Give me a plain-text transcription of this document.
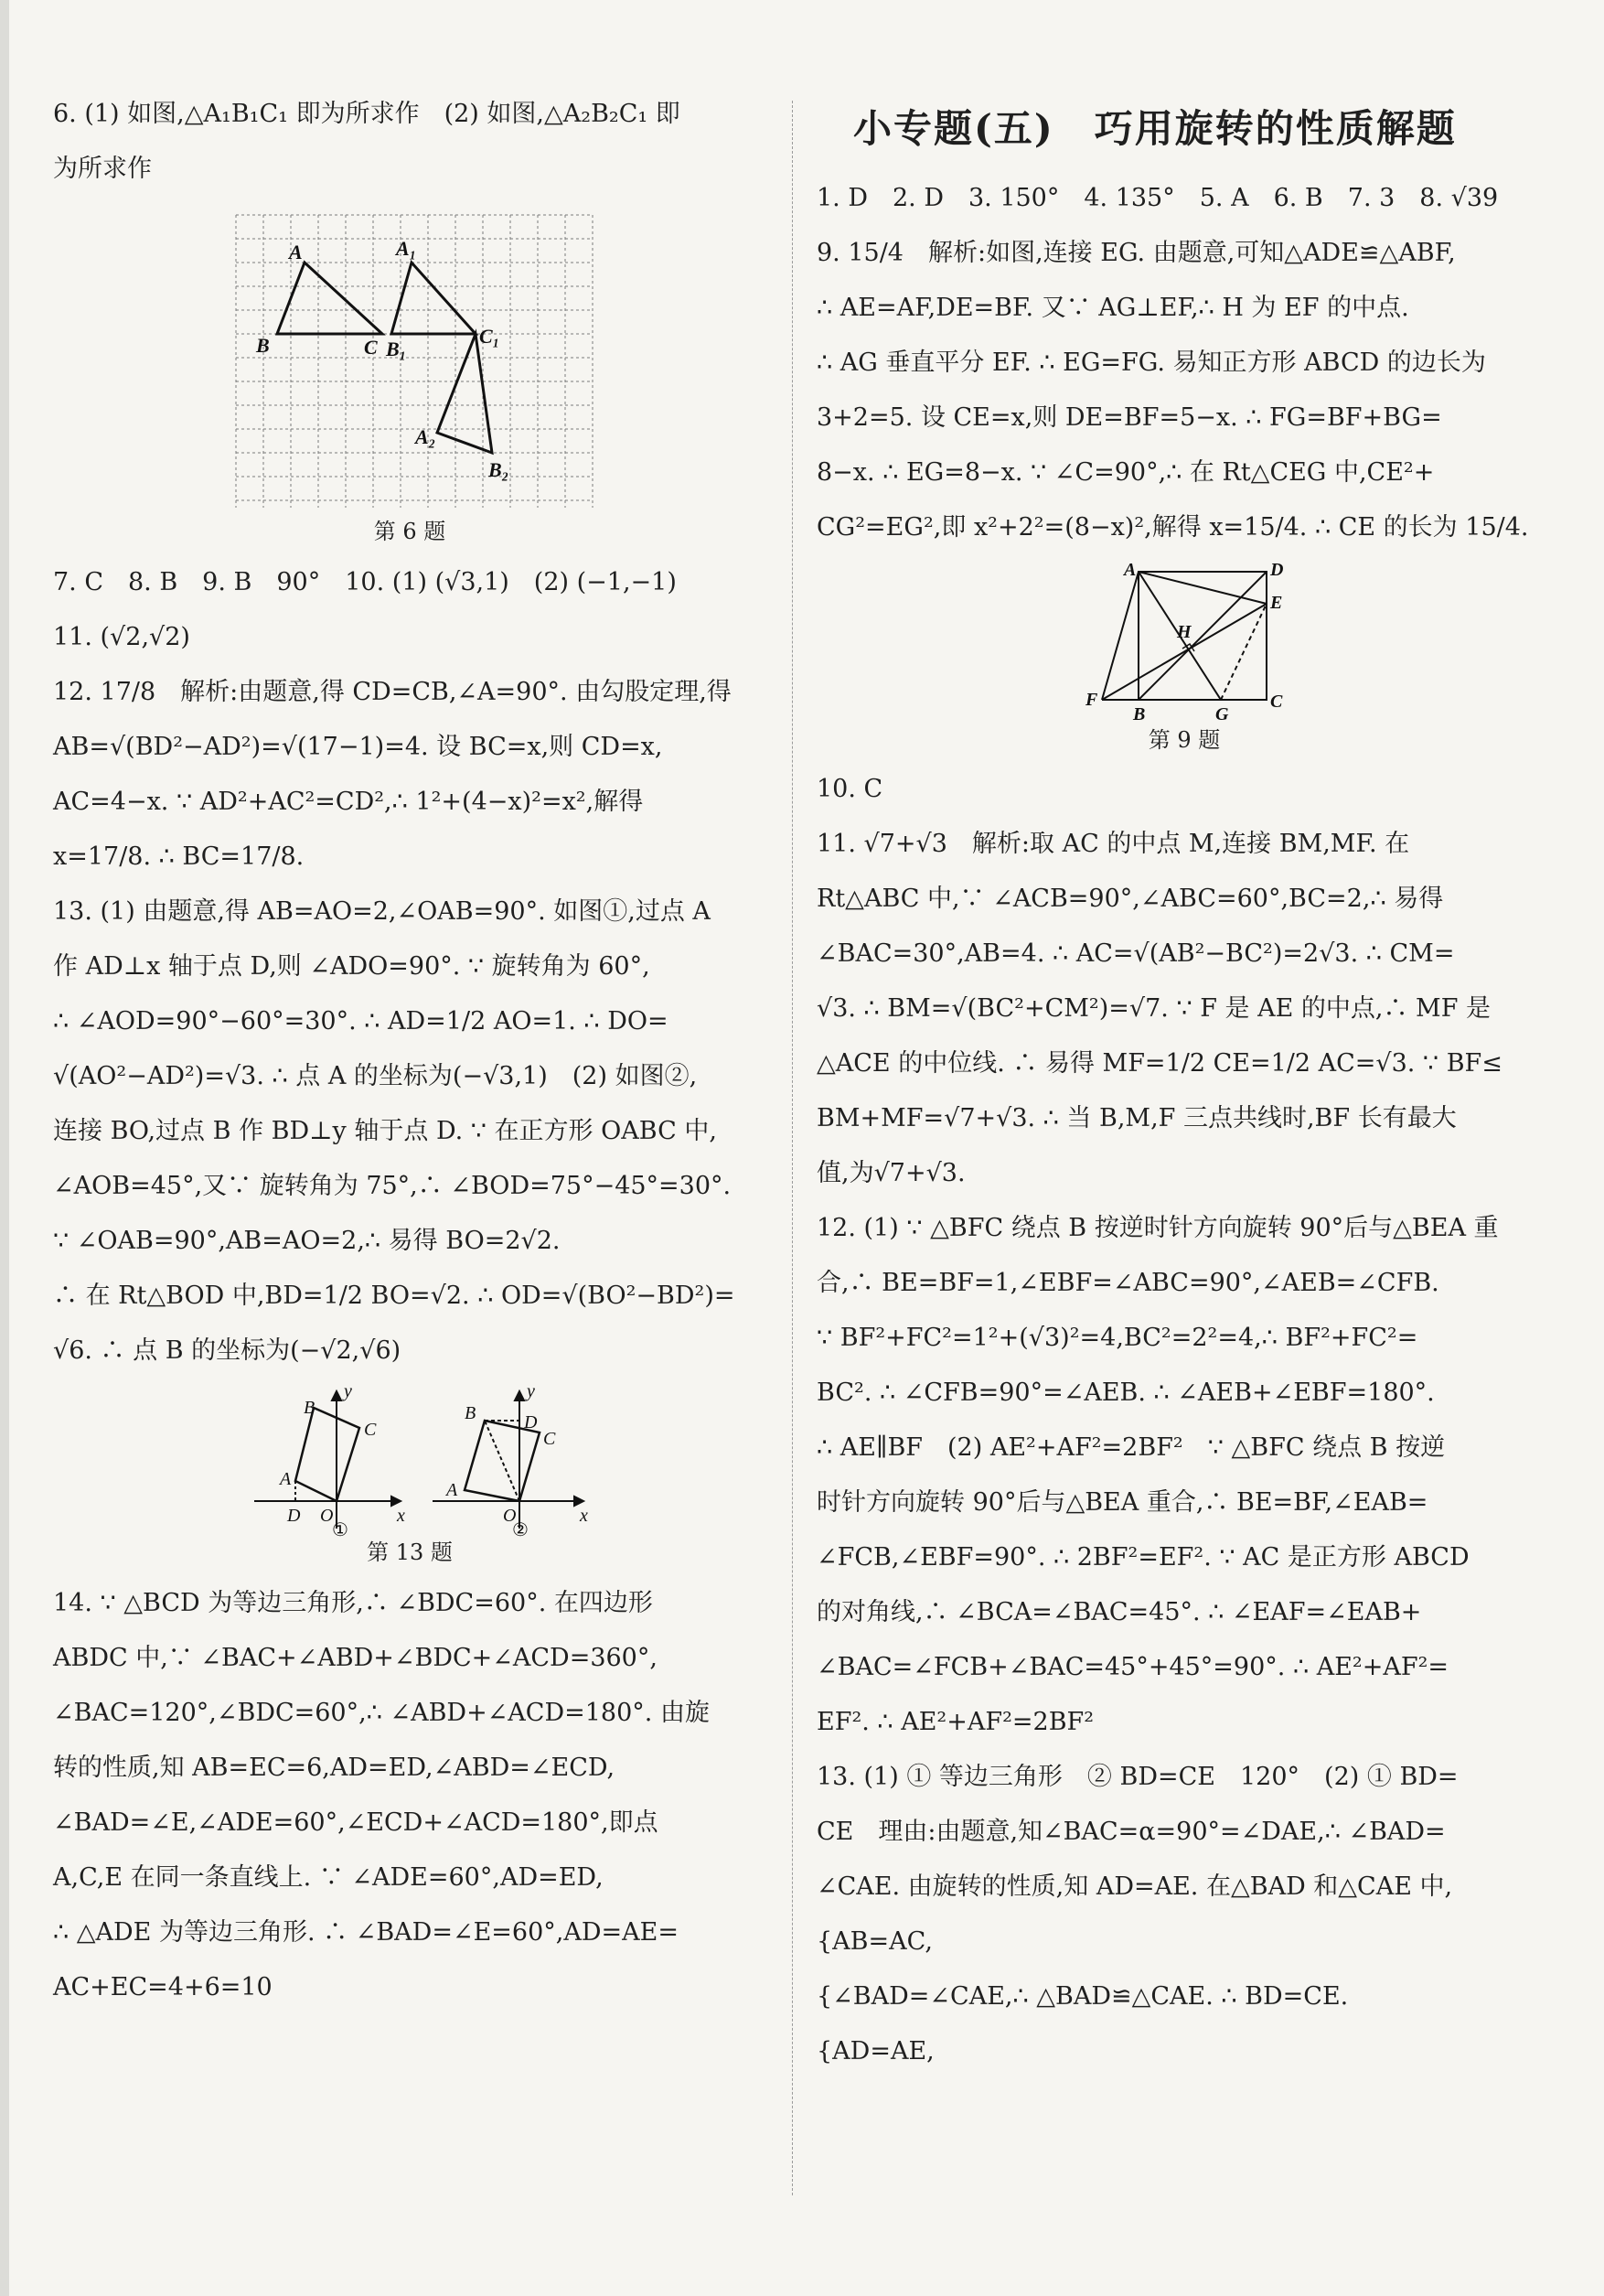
6. (1) 如图,△A₁B₁C₁ 即为所求作　(2) 如图,△A₂B₂C₁ 即
为所求作
A
B	C
A₁
B₁
C₁
A₂
B₂
第 6 题
7. C　8. B　9. B　90°　10. (1) (√3,1)　(2) (−1,−1)
11. (√2,√2)
12. 17/8　解析:由题意,得 CD=CB,∠A=90°. 由勾股定理,得
AB=√(BD²−AD²)=√(17−1)=4. 设 BC=x,则 CD=x,
AC=4−x. ∵ AD²+AC²=CD²,∴ 1²+(4−x)²=x²,解得
x=17/8. ∴ BC=17/8.
13. (1) 由题意,得 AB=AO=2,∠OAB=90°. 如图①,过点 A
作 AD⊥x 轴于点 D,则 ∠ADO=90°. ∵ 旋转角为 60°,
∴ ∠AOD=90°−60°=30°. ∴ AD=1/2 AO=1. ∴ DO=
√(AO²−AD²)=√3. ∴ 点 A 的坐标为(−√3,1)　(2) 如图②,
连接 BO,过点 B 作 BD⊥y 轴于点 D. ∵ 在正方形 OABC 中,
∠AOB=45°,又∵ 旋转角为 75°,∴ ∠BOD=75°−45°=30°.
∵ ∠OAB=90°,AB=AO=2,∴ 易得 BO=2√2.
∴ 在 Rt△BOD 中,BD=1/2 BO=√2. ∴ OD=√(BO²−BD²)=
√6. ∴ 点 B 的坐标为(−√2,√6)
B
C
A
D O	x
y
B	D
C
A
O	x
y
①	②
第 13 题
14. ∵ △BCD 为等边三角形,∴ ∠BDC=60°. 在四边形
ABDC 中,∵ ∠BAC+∠ABD+∠BDC+∠ACD=360°,
∠BAC=120°,∠BDC=60°,∴ ∠ABD+∠ACD=180°. 由旋
转的性质,知 AB=EC=6,AD=ED,∠ABD=∠ECD,
∠BAD=∠E,∠ADE=60°,∠ECD+∠ACD=180°,即点
A,C,E 在同一条直线上. ∵ ∠ADE=60°,AD=ED,
∴ △ADE 为等边三角形. ∴ ∠BAD=∠E=60°,AD=AE=
AC+EC=4+6=10
小专题(五)　巧用旋转的性质解题
1. D　2. D　3. 150°　4. 135°　5. A　6. B　7. 3　8. √39
9. 15/4　解析:如图,连接 EG. 由题意,可知△ADE≌△ABF,
∴ AE=AF,DE=BF. 又∵ AG⊥EF,∴ H 为 EF 的中点.
∴ AG 垂直平分 EF. ∴ EG=FG. 易知正方形 ABCD 的边长为
3+2=5. 设 CE=x,则 DE=BF=5−x. ∴ FG=BF+BG=
8−x. ∴ EG=8−x. ∵ ∠C=90°,∴ 在 Rt△CEG 中,CE²+
CG²=EG²,即 x²+2²=(8−x)²,解得 x=15/4. ∴ CE 的长为 15/4.
A	D
E
H
F
B	G
C
第 9 题
10. C
11. √7+√3　解析:取 AC 的中点 M,连接 BM,MF. 在
Rt△ABC 中,∵ ∠ACB=90°,∠ABC=60°,BC=2,∴ 易得
∠BAC=30°,AB=4. ∴ AC=√(AB²−BC²)=2√3. ∴ CM=
√3. ∴ BM=√(BC²+CM²)=√7. ∵ F 是 AE 的中点,∴ MF 是
△ACE 的中位线. ∴ 易得 MF=1/2 CE=1/2 AC=√3. ∵ BF≤
BM+MF=√7+√3. ∴ 当 B,M,F 三点共线时,BF 长有最大
值,为√7+√3.
12. (1) ∵ △BFC 绕点 B 按逆时针方向旋转 90°后与△BEA 重
合,∴ BE=BF=1,∠EBF=∠ABC=90°,∠AEB=∠CFB.
∵ BF²+FC²=1²+(√3)²=4,BC²=2²=4,∴ BF²+FC²=
BC². ∴ ∠CFB=90°=∠AEB. ∴ ∠AEB+∠EBF=180°.
∴ AE∥BF　(2) AE²+AF²=2BF²　∵ △BFC 绕点 B 按逆
时针方向旋转 90°后与△BEA 重合,∴ BE=BF,∠EAB=
∠FCB,∠EBF=90°. ∴ 2BF²=EF². ∵ AC 是正方形 ABCD
的对角线,∴ ∠BCA=∠BAC=45°. ∴ ∠EAF=∠EAB+
∠BAC=∠FCB+∠BAC=45°+45°=90°. ∴ AE²+AF²=
EF². ∴ AE²+AF²=2BF²
13. (1) ① 等边三角形　② BD=CE　120°　(2) ① BD=
CE　理由:由题意,知∠BAC=α=90°=∠DAE,∴ ∠BAD=
∠CAE. 由旋转的性质,知 AD=AE. 在△BAD 和△CAE 中,
{AB=AC,
{∠BAD=∠CAE,∴ △BAD≌△CAE. ∴ BD=CE.
{AD=AE,
